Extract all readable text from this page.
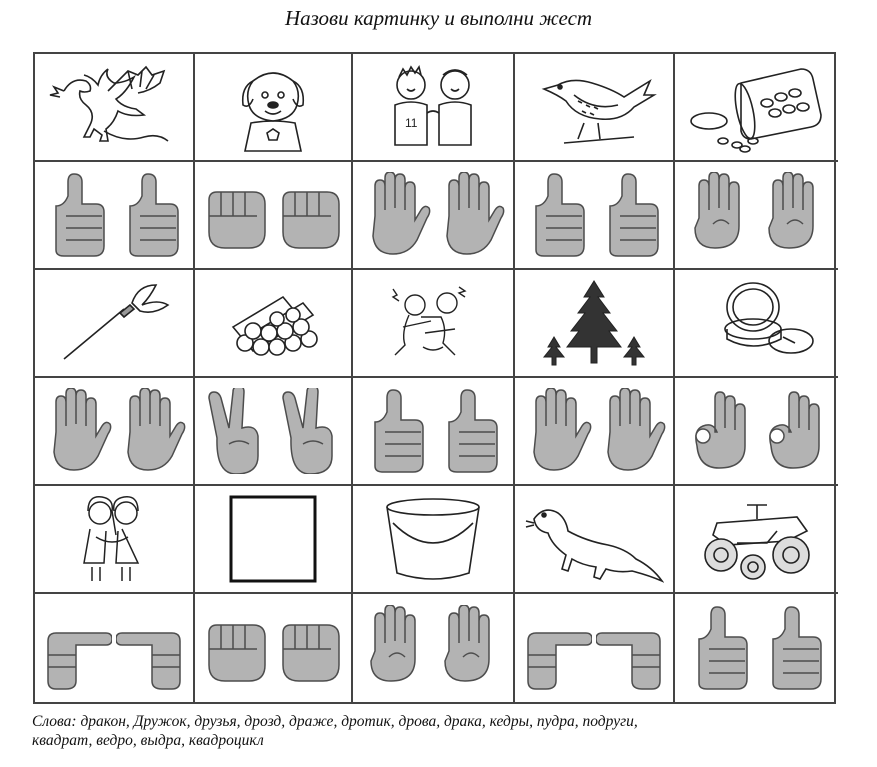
Назови картинку и выполни жест
11
Слова: дракон, Дружок, друзья, дрозд, драже, дротик, дрова, драка, кедры, пудра, подруги,
квадрат, ведро, выдра, квадроцикл
